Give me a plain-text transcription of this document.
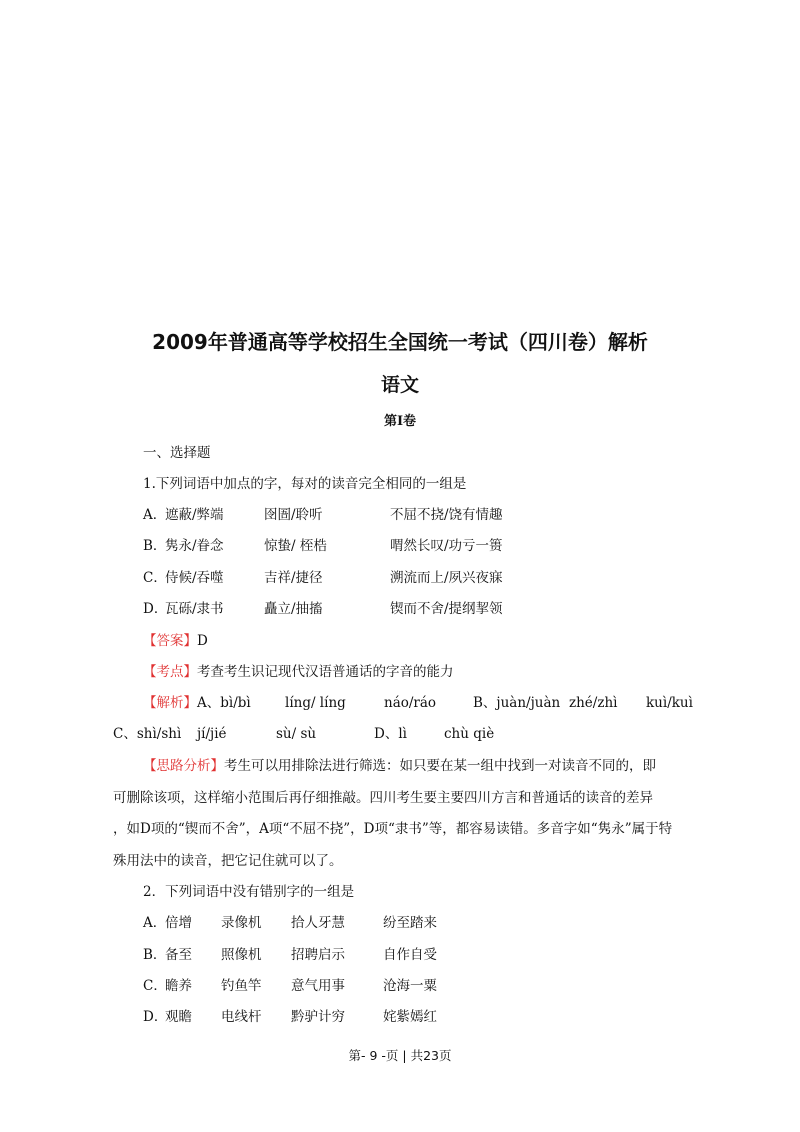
2009年普通高等学校招生全国统一考试（四川卷）解析
语文
第Ⅰ卷
一、选择题
1.下列词语中加点的字，每对的读音完全相同的一组是
A．遮蔽/弊端	囹圄/聆听	不屈不挠/饶有情趣
B．隽永/眷念	惊蛰/ 桎梏	喟然长叹/功亏一篑
C．侍候/吞噬	吉祥/捷径	溯流而上/夙兴夜寐
D．瓦砾/隶书	矗立/抽搐	锲而不舍/提纲挈领
【答案】D
【考点】考查考生识记现代汉语普通话的字音的能力
【解析】A、bì/bì	líng/ líng	náo/ráo	B、juàn/juàn zhé/zhì kuì/kuì
C、shì/shì jí/jié	sù/ sù	D、lì	chù qiè
【思路分析】考生可以用排除法进行筛选：如只要在某一组中找到一对读音不同的，即
可删除该项，这样缩小范围后再仔细推敲。四川考生要主要四川方言和普通话的读音的差异
，如D项的“锲而不舍”，A项“不屈不挠”，D项“隶书”等，都容易读错。多音字如“隽永”属于特
殊用法中的读音，把它记住就可以了。
2．下列词语中没有错别字的一组是
A．倍增 录像机 拾人牙慧	纷至踏来
B．备至 照像机 招聘启示	自作自受
C．瞻养 钓鱼竿 意气用事	沧海一粟
D．观瞻 电线杆 黔驴计穷	姹紫嫣红
第- 9 -页 | 共23页
